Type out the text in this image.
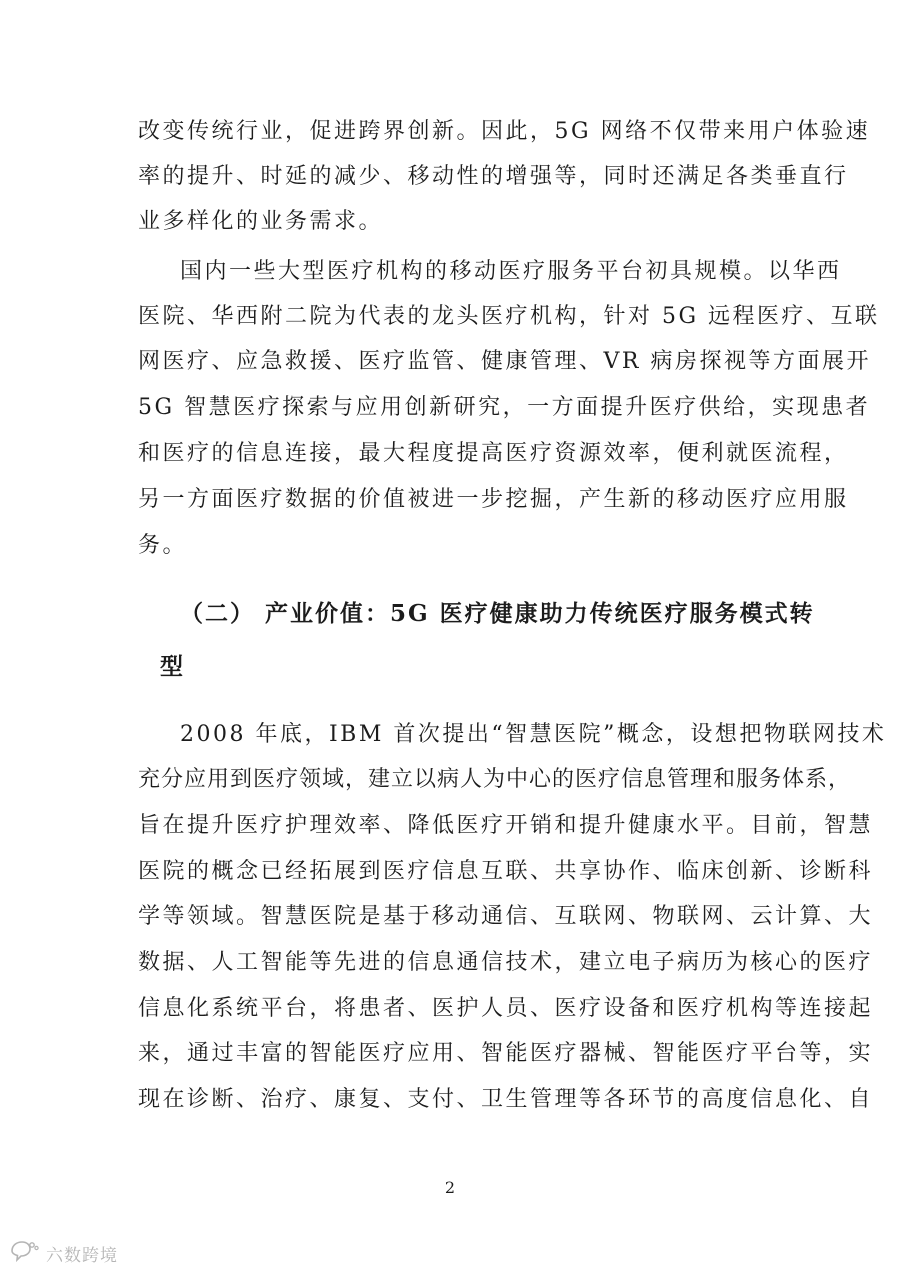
改变传统行业，促进跨界创新。因此，5G 网络不仅带来用户体验速
率的提升、时延的减少、移动性的增强等，同时还满足各类垂直行
业多样化的业务需求。
国内一些大型医疗机构的移动医疗服务平台初具规模。以华西
医院、华西附二院为代表的龙头医疗机构，针对 5G 远程医疗、互联
网医疗、应急救援、医疗监管、健康管理、VR 病房探视等方面展开
5G 智慧医疗探索与应用创新研究，一方面提升医疗供给，实现患者
和医疗的信息连接，最大程度提高医疗资源效率，便利就医流程，
另一方面医疗数据的价值被进一步挖掘，产生新的移动医疗应用服
务。
（二） 产业价值：5G 医疗健康助力传统医疗服务模式转
型
2008 年底，IBM 首次提出“智慧医院”概念，设想把物联网技术
充分应用到医疗领域，建立以病人为中心的医疗信息管理和服务体系，
旨在提升医疗护理效率、降低医疗开销和提升健康水平。目前，智慧
医院的概念已经拓展到医疗信息互联、共享协作、临床创新、诊断科
学等领域。智慧医院是基于移动通信、互联网、物联网、云计算、大
数据、人工智能等先进的信息通信技术，建立电子病历为核心的医疗
信息化系统平台，将患者、医护人员、医疗设备和医疗机构等连接起
来，通过丰富的智能医疗应用、智能医疗器械、智能医疗平台等，实
现在诊断、治疗、康复、支付、卫生管理等各环节的高度信息化、自
2
六数跨境
